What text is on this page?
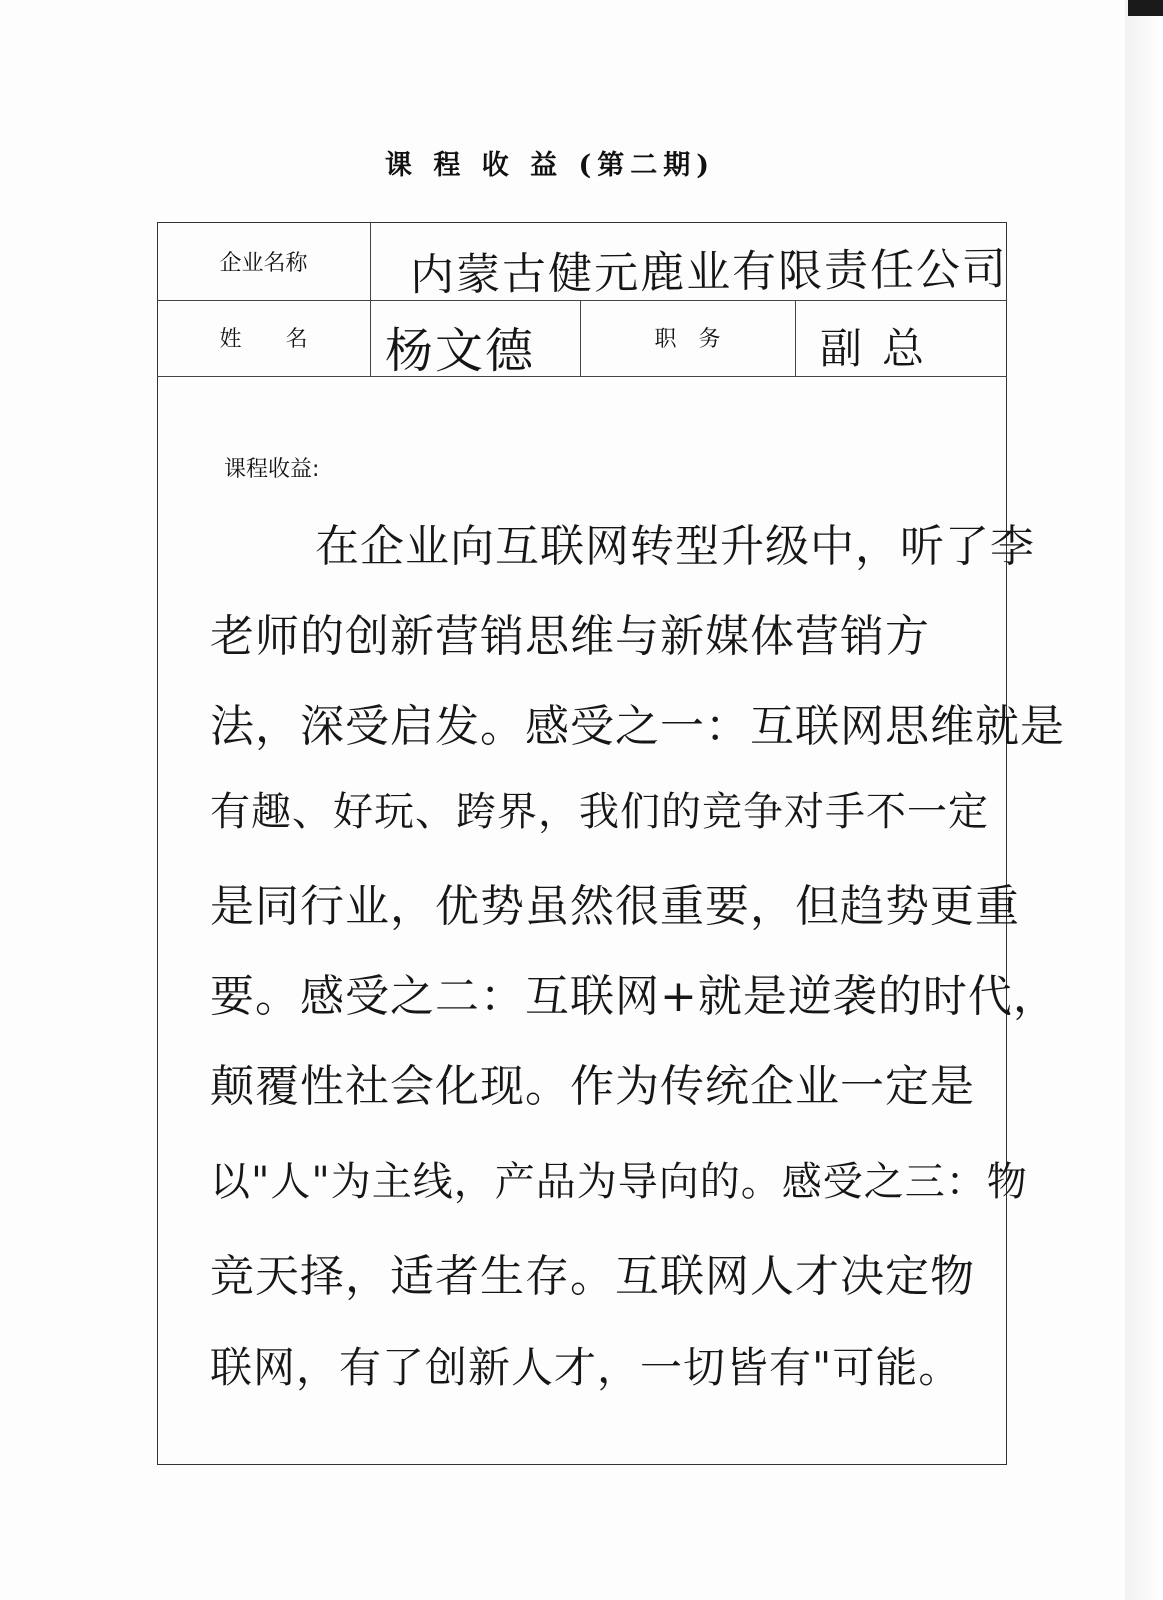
课 程 收 益 (第二期)
企业名称
姓　　名	职　务
课程收益:
内蒙古健元鹿业有限责任公司
杨文德	副总
　　在企业向互联网转型升级中，听了李
老师的创新营销思维与新媒体营销方
法，深受启发。感受之一：互联网思维就是
有趣、好玩、跨界，我们的竞争对手不一定
是同行业，优势虽然很重要，但趋势更重
要。感受之二：互联网+就是逆袭的时代，
颠覆性社会化现。作为传统企业一定是
以"人"为主线，产品为导向的。感受之三：物
竞天择，适者生存。互联网人才决定物
联网，有了创新人才，一切皆有"可能。
